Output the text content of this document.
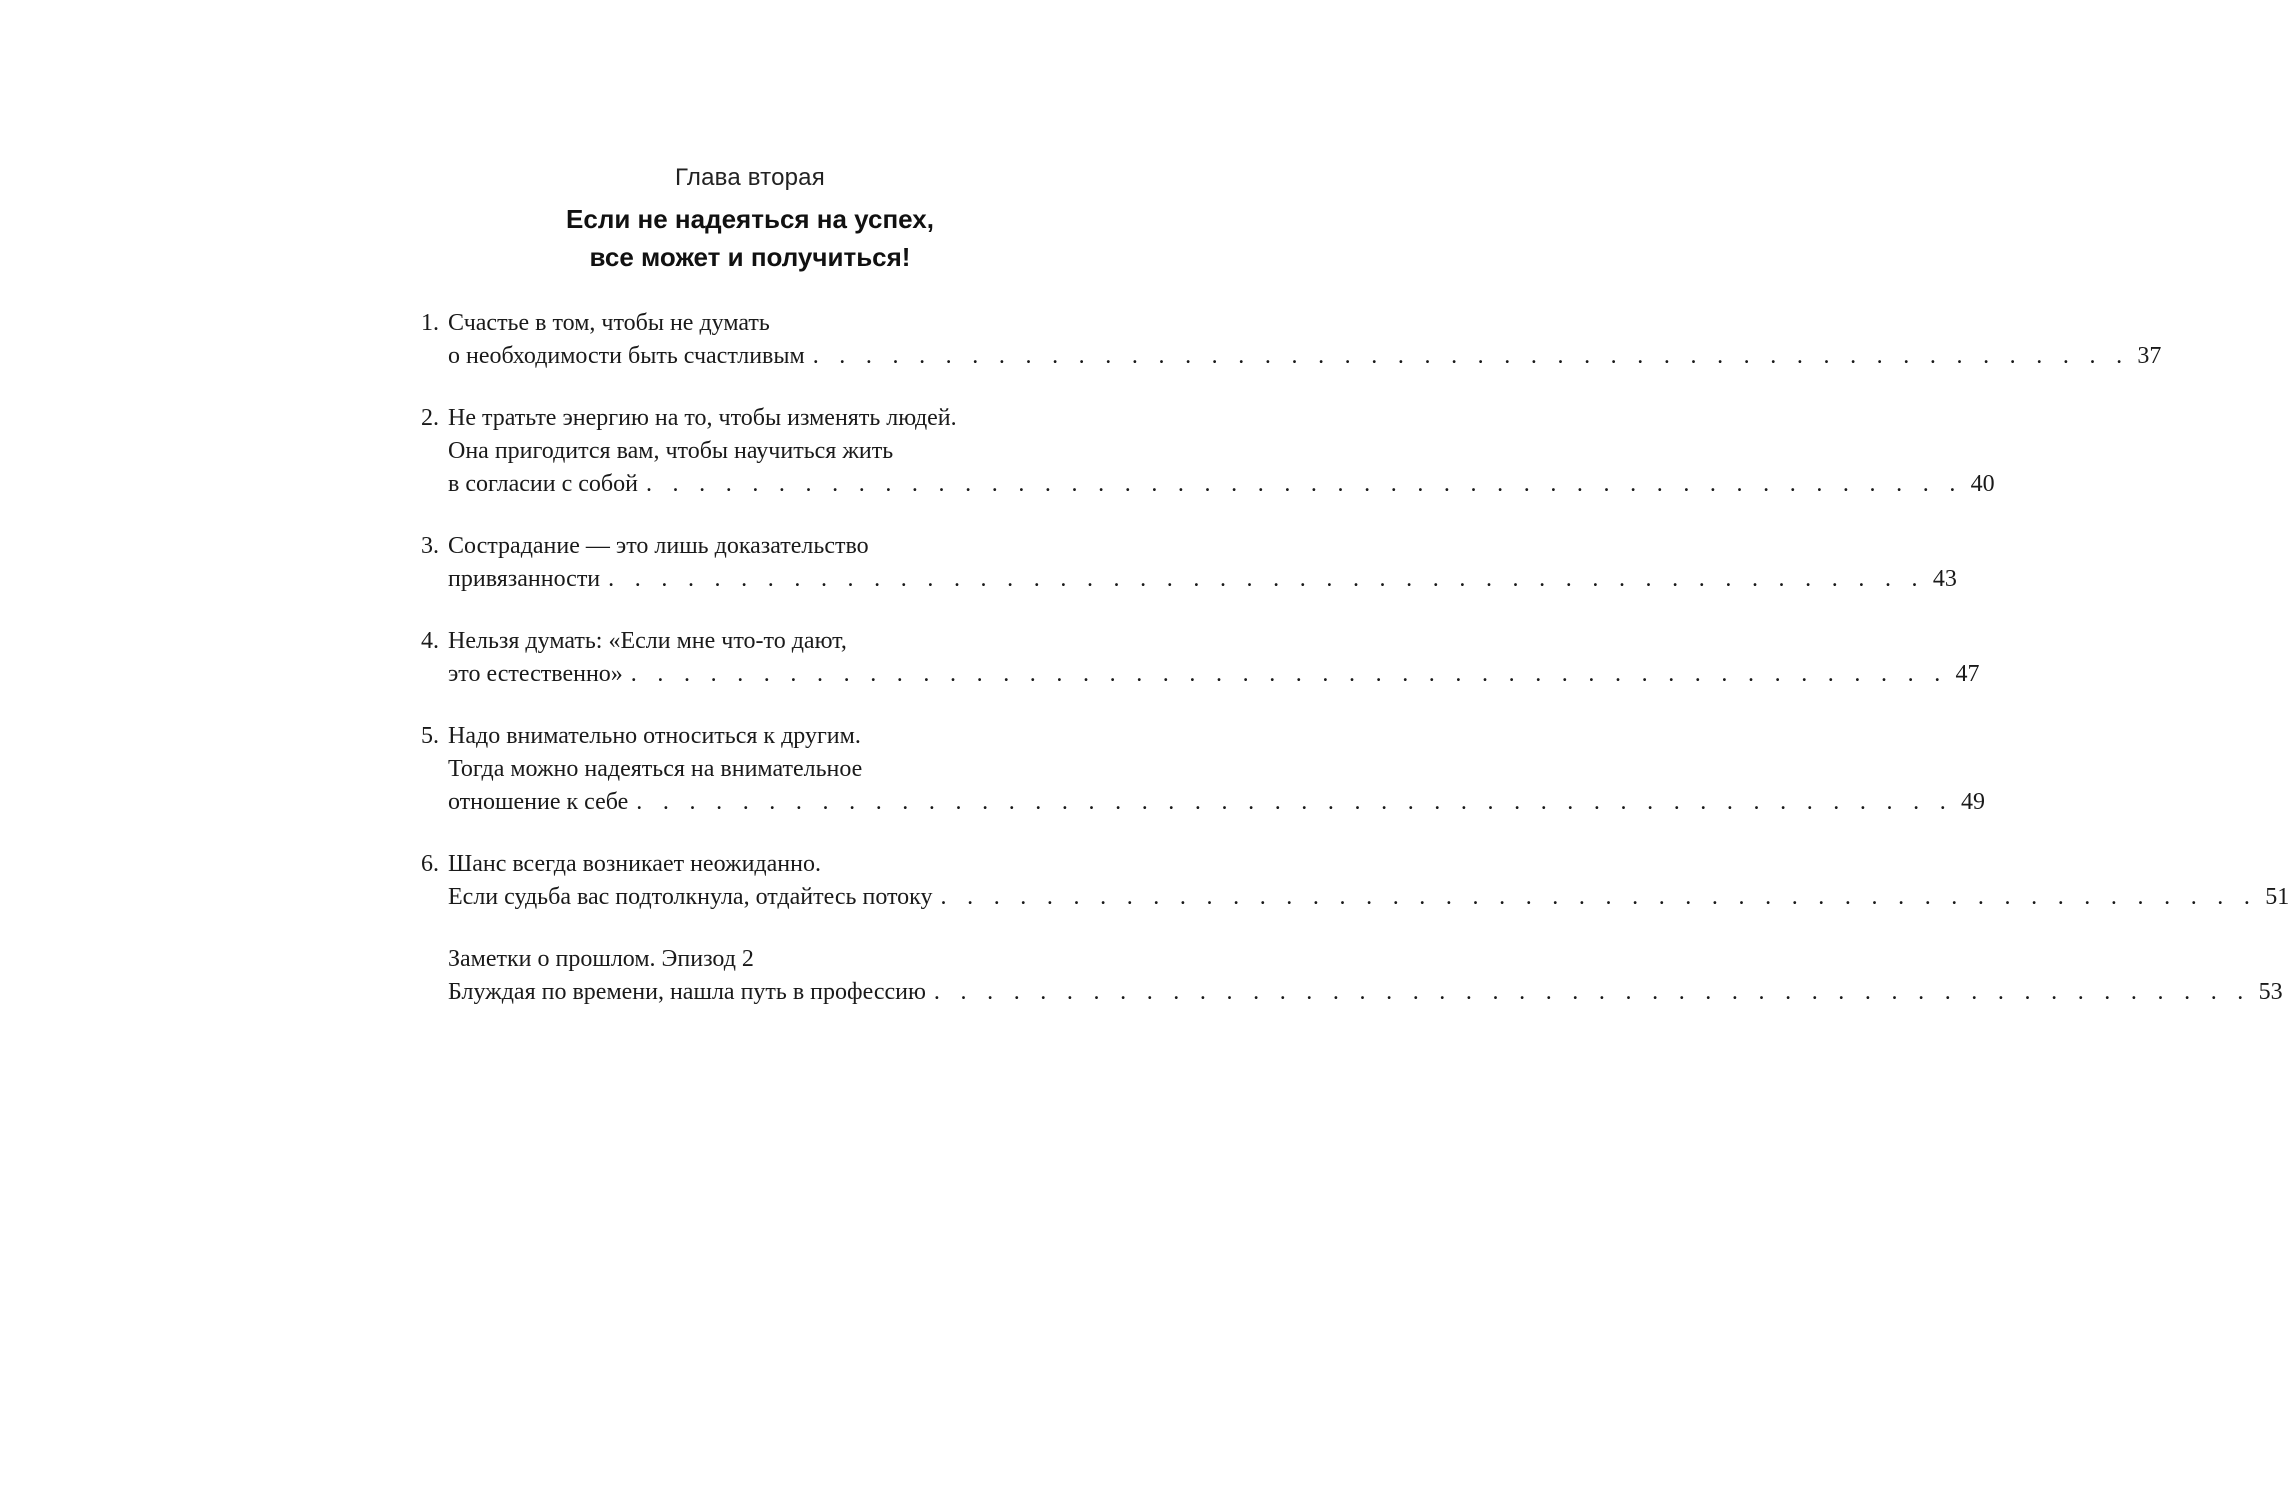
Глава вторая
Если не надеяться на успех,
все может и получиться!
1. Счастье в том, чтобы не думать
о необходимости быть счастливым . . . . . . . . . . . . . . . . . . . . . . . . . . . . . . . . . . . . . . . . . . . . . . . . . . 37
2. Не тратьте энергию на то, чтобы изменять людей.
Она пригодится вам, чтобы научиться жить
в согласии с собой . . . . . . . . . . . . . . . . . . . . . . . . . . . . . . . . . . . . . . . . . . . . . . . . . . 40
3. Сострадание — это лишь доказательство
привязанности . . . . . . . . . . . . . . . . . . . . . . . . . . . . . . . . . . . . . . . . . . . . . . . . . . 43
4. Нельзя думать: «Если мне что-то дают,
это естественно» . . . . . . . . . . . . . . . . . . . . . . . . . . . . . . . . . . . . . . . . . . . . . . . . . . 47
5. Надо внимательно относиться к другим.
Тогда можно надеяться на внимательное
отношение к себе . . . . . . . . . . . . . . . . . . . . . . . . . . . . . . . . . . . . . . . . . . . . . . . . . . 49
6. Шанс всегда возникает неожиданно.
Если судьба вас подтолкнула, отдайтесь потоку . . . . . . . . . . . . . . . . . . . . . . . . . . . . . . . . . . . . . . . . . . . . . . . . . . 51
Заметки о прошлом. Эпизод 2
Блуждая по времени, нашла путь в профессию . . . . . . . . . . . . . . . . . . . . . . . . . . . . . . . . . . . . . . . . . . . . . . . . . . 53
